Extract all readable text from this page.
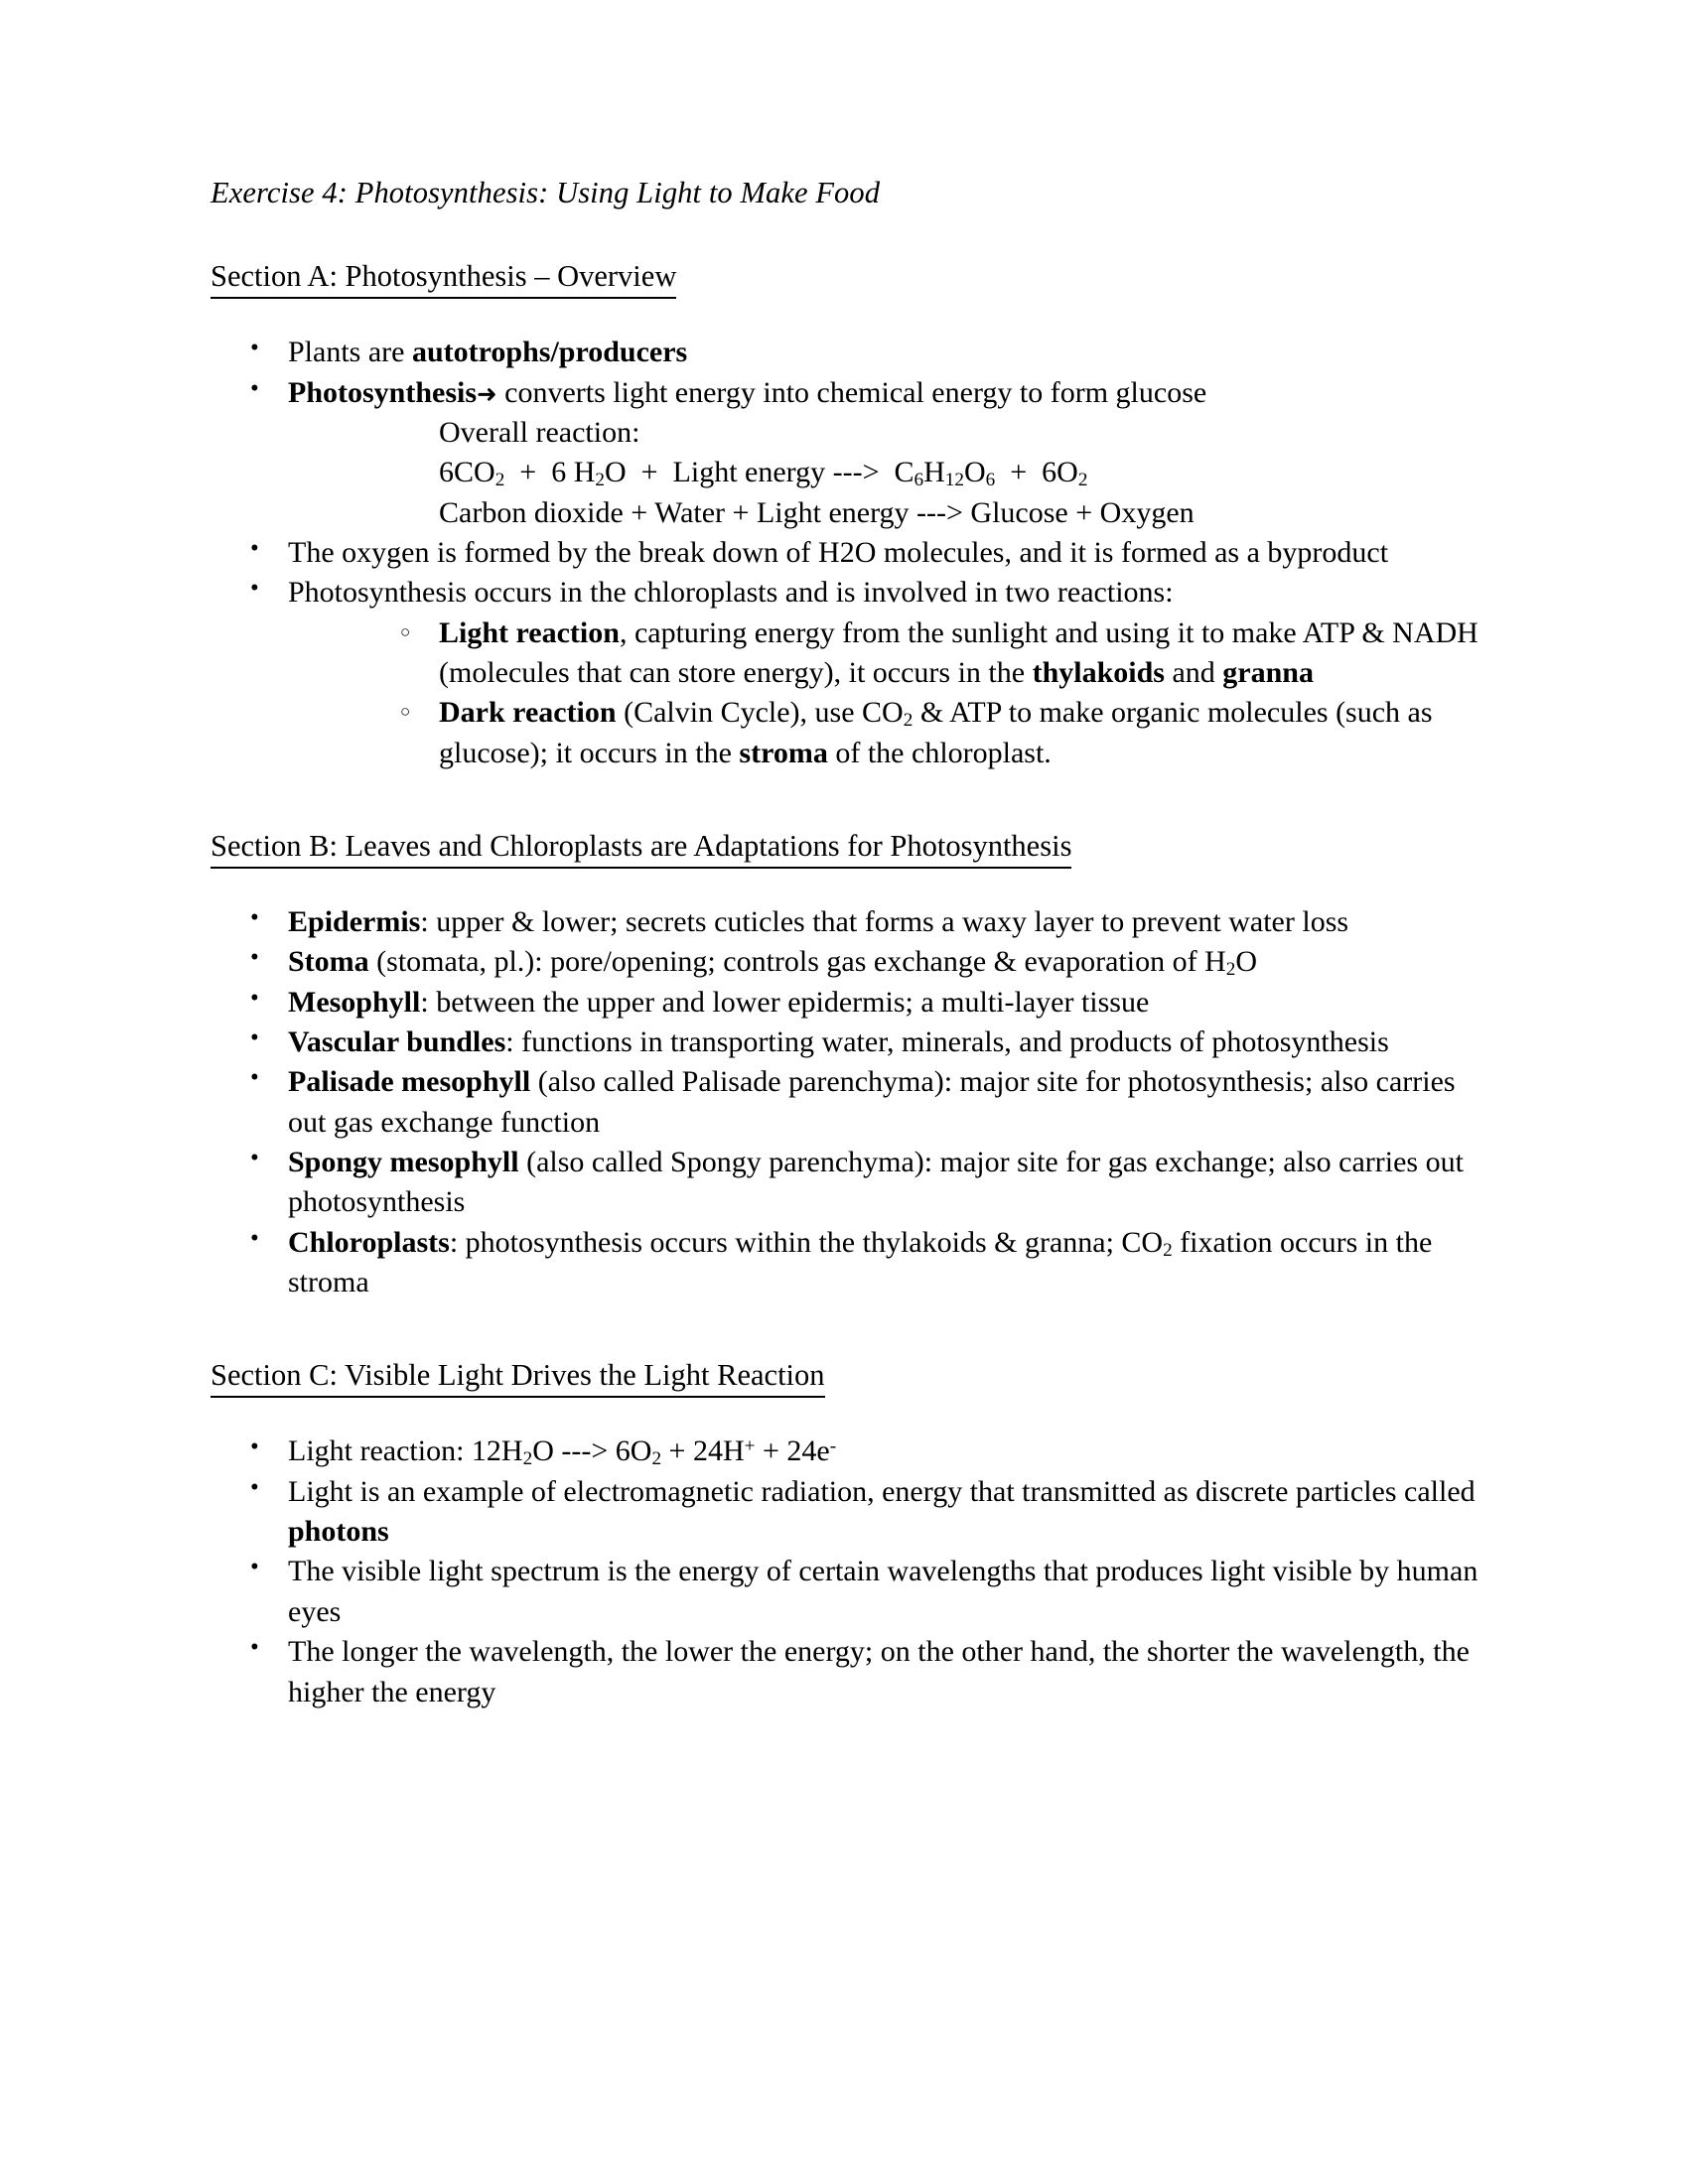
Exercise 4: Photosynthesis: Using Light to Make Food
Section A: Photosynthesis – Overview
• Plants are autotrophs/producers
• Photosynthesis➜ converts light energy into chemical energy to form glucose
Overall reaction:
$6CO_2 + 6$ $H_2O$  +  Light energy --->  $C_6H_{12}O_6 + 6O_2$
Carbon dioxide + Water + Light energy ---> Glucose + Oxygen
• The oxygen is formed by the break down of H2O molecules, and it is formed as a byproduct
• Photosynthesis occurs in the chloroplasts and is involved in two reactions:
○ Light reaction, capturing energy from the sunlight and using it to make ATP & NADH (molecules that can store energy), it occurs in the thylakoids and granna
○ Dark reaction (Calvin Cycle), use $CO_2$ & ATP to make organic molecules (such as glucose); it occurs in the stroma of the chloroplast.
Section B: Leaves and Chloroplasts are Adaptations for Photosynthesis
• Epidermis: upper & lower; secrets cuticles that forms a waxy layer to prevent water loss
• Stoma (stomata, pl.): pore/opening; controls gas exchange & evaporation of $H_2O$
• Mesophyll: between the upper and lower epidermis; a multi-layer tissue
• Vascular bundles: functions in transporting water, minerals, and products of photosynthesis
• Palisade mesophyll (also called Palisade parenchyma): major site for photosynthesis; also carries out gas exchange function
• Spongy mesophyll (also called Spongy parenchyma): major site for gas exchange; also carries out photosynthesis
• Chloroplasts: photosynthesis occurs within the thylakoids & granna; $CO_2$ fixation occurs in the stroma
Section C: Visible Light Drives the Light Reaction
• Light reaction: $12H_2O$ ---> $6O_2 + 24H^+ + 24e^-$
• Light is an example of electromagnetic radiation, energy that transmitted as discrete particles called photons
• The visible light spectrum is the energy of certain wavelengths that produces light visible by human eyes
• The longer the wavelength, the lower the energy; on the other hand, the shorter the wavelength, the higher the energy
